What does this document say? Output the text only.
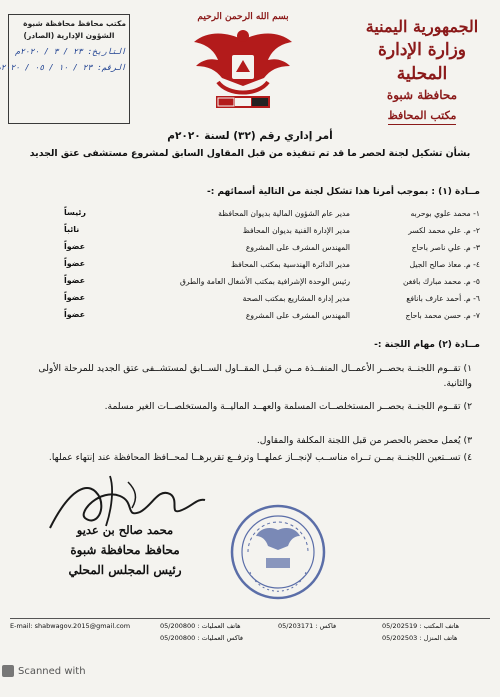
الجمهورية اليمنية
وزارة الإدارة المحلية
محافظة شبوة
مكتب المحافظ
بسم الله الرحمن الرحيم
مكتب محافظ محافظة شبوة
الشؤون الإدارية (الصادر)
التاريخ: ٢٣ / ٣ / ٢٠٢٠م
الرقم: ٢٣ / ١٠ / ٠٥ / ٢٠٢٠
أمر إداري رقم (٣٢) لسنة ٢٠٢٠م
بشأن تشكيل لجنة لحصر ما قد تم تنفيذه من قبل المقاول السابق لمشروع مستشفى عتق الجديد
مــادة (١) : بموجب أمرنا هذا تشكل لجنة من التالية أسمائهم :-
١- محمد علوي بوحربه
مدير عام الشؤون المالية بديوان المحافظة
رئيساً
٢- م. علي محمد لكسر
مدير الإدارة الفنية بديوان المحافظ
نائباً
٣- م. علي ناصر باحاج
المهندس المشرف على المشروع
عضواً
٤- م. معاذ صالح الجيل
مدير الدائرة الهندسية بمكتب المحافظ
عضواً
٥- م. محمد مبارك بافغن
رئيس الوحدة الإشرافية بمكتب الأشغال العامة والطرق
عضواً
٦- م. أحمد عارف بانافع
مدير إدارة المشاريع بمكتب الصحة
عضواً
٧- م. حسن محمد باحاج
المهندس المشرف على المشروع
عضواً
مــادة (٢) مهام اللجنة :-
١) تقــوم اللجنــة بحصــر الأعمــال المنفــذة مــن قبــل المقــاول الســابق لمستشــفى عتق الجديد للمرحلة الأولى والثانية.
٢) تقــوم اللجنــة بحصــر المستخلصــات المسلمة والعهــد الماليــة والمستخلصــات الغير مسلمة.
٣) يُعمل محضر بالحصر من قبل اللجنة المكلفة والمقاول.
٤) تســتعين اللجنــة بمــن تــراه مناســب لإنجــاز عملهــا وترفــع تقريرهــا لمحــافظ المحافظة عند إنتهاء عملها.
محمد صالح بن عديو
محافظ محافظة شبوة
رئيس المجلس المحلي
E-mail: shabwagov.2015@gmail.com	هاتف العمليات : 05/200800	فاكس : 05/203171	هاتف المكتب : 05/202519
فاكس العمليات : 05/200800	هاتف المنزل : 05/202503
Scanned with
